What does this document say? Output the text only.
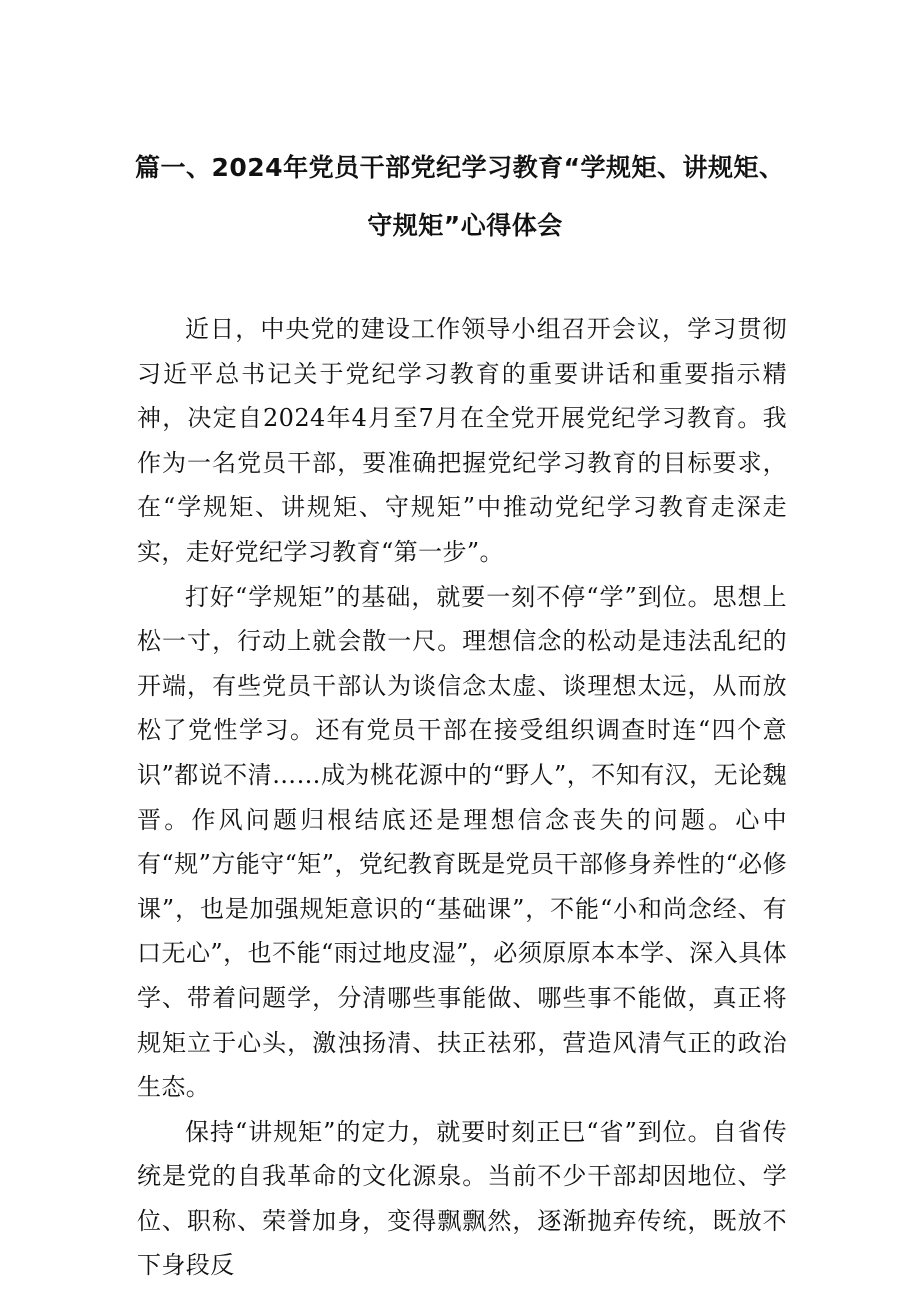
篇一、2024年党员干部党纪学习教育“学规矩、讲规矩、
守规矩”心得体会

近日，中央党的建设工作领导小组召开会议，学习贯彻习近平总书记关于党纪学习教育的重要讲话和重要指示精神，决定自2024年4月至7月在全党开展党纪学习教育。我作为一名党员干部，要准确把握党纪学习教育的目标要求，在“学规矩、讲规矩、守规矩”中推动党纪学习教育走深走实，走好党纪学习教育“第一步”。

打好“学规矩”的基础，就要一刻不停“学”到位。思想上松一寸，行动上就会散一尺。理想信念的松动是违法乱纪的开端，有些党员干部认为谈信念太虚、谈理想太远，从而放松了党性学习。还有党员干部在接受组织调查时连“四个意识”都说不清……成为桃花源中的“野人”，不知有汉，无论魏晋。作风问题归根结底还是理想信念丧失的问题。心中有“规”方能守“矩”，党纪教育既是党员干部修身养性的“必修课”，也是加强规矩意识的“基础课”，不能“小和尚念经、有口无心”，也不能“雨过地皮湿”，必须原原本本学、深入具体学、带着问题学，分清哪些事能做、哪些事不能做，真正将规矩立于心头，激浊扬清、扶正祛邪，营造风清气正的政治生态。

保持“讲规矩”的定力，就要时刻正巳“省”到位。自省传统是党的自我革命的文化源泉。当前不少干部却因地位、学位、职称、荣誉加身，变得飘飘然，逐渐抛弃传统，既放不下身段反
